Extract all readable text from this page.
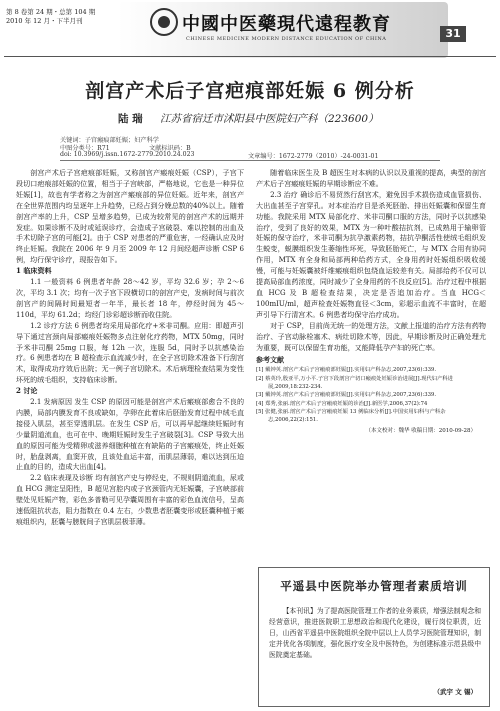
第 8 卷第 24 期・总第 104 期
2010 年 12 月・下半月刊	中國中医藥現代遠程教育
CHINESE MEDICINE MODERN DISTANCE EDUCATION OF CHINA	31
剖宫产术后子宫疤痕部妊娠 6 例分析
陆 瑞 江苏省宿迁市沭阳县中医院妇产科（223600）
关键词：子宫瘢痕部妊娠；妇产科学
中图分类号：R71	文献标识码：B
doi: 10.3969/j.issn.1672-2779.2010.24.023	文章编号：1672-2779（2010）-24-0031-01

剖宫产术后子宫疤痕部妊娠，又称剖宫产瘢痕妊娠（CSP），子宫下段切口疤痕部妊娠的位置，相当于子宫峡部，严格地说，它也是一种异位妊娠[1]，故也有学者称之为剖宫产瘢痕部的异位妊娠。近年来，剖宫产在全世界范围内均呈逐年上升趋势，已经占到分娩总数的40%以上。随着剖宫产率的上升，CSP 呈增多趋势，已成为较常见的剖宫产术的远期并发症。如果诊断不及时或延误诊疗，会造成子宫破裂、难以控制的出血及手术切除子宫的可能[2]。由于 CSP 对患者的严重危害，一经确认应及时终止妊娠。我院在 2006 年 9 月至 2009 年 12 月间经超声诊断 CSP 6 例，均行保守诊疗，现报告如下。

1 临床资料

1.1 一般资料 6 例患者年龄 28～42 岁，平均 32.6 岁；孕 2～6 次，平均 3.1 次；均有一次子宫下段横切口的剖宫产史，发病时间与前次剖宫产的间隔时间最短者一年半，最长者 18 年，停经时间为 45～110d，平均 61.2d；均经门诊彩超诊断而收住院。

1.2 诊疗方法 6 例患者均采用局部化疗+米非司酮。应用：即超声引导下通过宫颈向局部瘢痕妊娠物多点注射化疗药物，MTX 50mg，同时予米非司酮 25mg 口服，每 12h 一次，连服 5d，同时予以抗感染治疗。6 例患者均在 B 超检查示血流减少时，在全子宫切除术准备下行刮宫术，取得成功疗效后出院；无一例子宫切除术。术后病理检查结果为变性坏死的绒毛组织，支持临床诊断。

2 讨论

2.1 发病原因 发生 CSP 的原因可能是剖宫产术后瘢痕部愈合不良的内膜，局部内膜发育不良或缺如，孕卵在此着床后胚胎发育过程中绒毛直接侵入肌层，甚至穿透肌层。在发生 CSP 后，可以再早起继续妊娠时有少量阴道流血，也可在中、晚期妊娠时发生子宫破裂[3]。CSP 导致大出血的原因可能为受精卵或滋养细胞种植在有缺陷的子宫瘢痕处，终止妊娠时，胎盘剥离，血窦开放，且该处血运丰富，而肌层薄弱，难以达到压迫止血的目的，造成大出血[4]。

2.2 临床表现及诊断 均有剖宫产史与停经史，不规则阴道流血，尿或血 HCG 测定呈阳性，B 超见宫腔内或子宫颈管内无妊娠囊，子宫峡部前壁处见妊娠产物，彩色多普勒可见孕囊周围有丰富的彩色血流信号，呈高速低阻抗状态，阻力指数在 0.4 左右，少数患者胚囊变形或胚囊种植于瘢痕组织内，胚囊与膀胱间子宫肌层极菲薄。

随着临床医生及 B 超医生对本病的认识以及重视的提高，典型的剖宫产术后子宫瘢痕妊娠的早期诊断应不难。

2.3 治疗 确诊后不易贸然行刮宫术，避免因手术损伤造成血管损伤、大出血甚至子宫穿孔。对本症治疗目是杀死胚胎、排出妊娠囊和保留生育功能。我院采用 MTX 局部化疗、米非司酮口服的方法，同时予以抗感染治疗，受到了良好的效果，MTX 为一种叶酸拮抗剂，已成熟用于输卵管妊娠的保守治疗，米非司酮为抗孕激素药物，拮抗孕酮活性使绒毛组织发生蜕变，蜕膜组织发生萎缩性坏死，导致胚胎死亡，与 MTX 合用有协同作用，MTX 有全身和局部两种给药方式，全身用药时妊娠组织吸收缓慢，可能与妊娠囊被纤维瘢痕组织包绕血运较差有关。局部给药不仅可以提高局部血药浓度，同时减少了全身用药的不良反应[5]。治疗过程中根据血 HCG 及 B 超检查结果，决定是否追加治疗。当血 HCG＜100mIU/ml，超声检查妊娠物直径＜3cm，彩超示血流不丰富时，在超声引导下行清宫术。6 例患者均保守治疗成功。

对于 CSP，目前尚无统一的处理方法，文献上报道的治疗方法有药物治疗、子宫动脉栓塞术、病灶切除术等，因此，早期诊断及时正确处理尤为重要，既可以保留生育功能，又能降低孕产妇的死亡率。

参考文献
[1] 戴钟英.剖宫产术后子宫瘢痕部妊娠[J].实用妇产科杂志,2007,23(6):339.
[2] 蔡英玲,殷亚平,万小平.子宫下段剖宫产切口瘢痕处妊娠诊治进展[J].现代妇产科进展,2009,18:232-234.
[3] 戴钟英.剖宫产术后子宫瘢痕部妊娠[J].实用妇产科杂志,2007,23(6):339.
[4] 郑秀,张丽.剖宫产术后子宫瘢痕妊娠的诊治[J].新医学,2006,37(2):74
[5] 张健,张丽.剖宫产术后子宫瘢痕妊娠 13 例临床分析[J].中国实用妇科与产科杂志,2006,22(2):151.
（本文校对：魏华 收稿日期：2010-09-28）
平遥县中医院举办管理者素质培训
【本刊讯】为了提高医院管理工作者的业务素质，增强法制观念和经营意识，推进医院职工思想政治和现代化建设，履行岗位职责，近日，山西省平遥县中医院组织全院中层以上人员学习医院管理知识，制定并优化各项制度，强化医疗安全及中医特色，为创建标准示范县级中医院奠定基础。
（武宇 文 锡）
